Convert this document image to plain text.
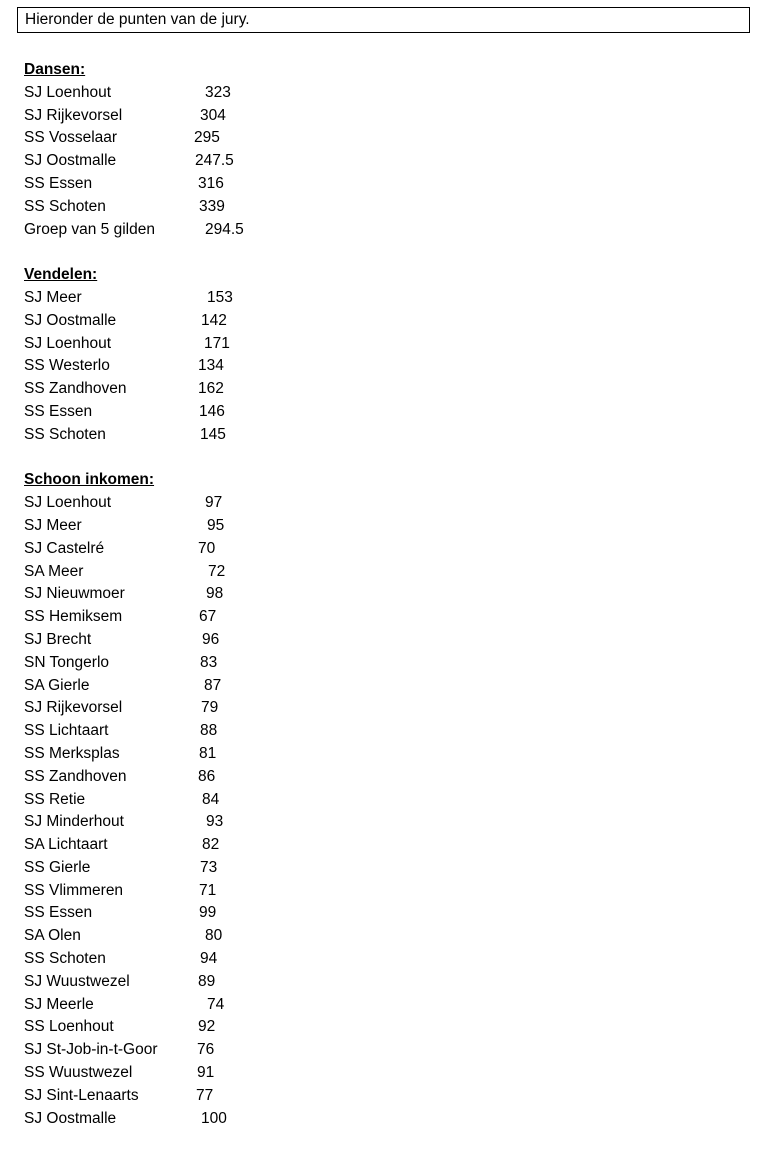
Hieronder de punten van de jury.
Dansen:
SJ Loenhout	323
SJ Rijkevorsel	304
SS Vosselaar	295
SJ Oostmalle	247.5
SS Essen	316
SS Schoten	339
Groep van 5 gilden	294.5
Vendelen:
SJ Meer	153
SJ Oostmalle	142
SJ Loenhout	171
SS Westerlo	134
SS Zandhoven	162
SS Essen	146
SS Schoten	145
Schoon inkomen:
SJ Loenhout	97
SJ Meer	95
SJ Castelré	70
SA Meer	72
SJ Nieuwmoer	98
SS Hemiksem	67
SJ Brecht	96
SN Tongerlo	83
SA Gierle	87
SJ Rijkevorsel	79
SS Lichtaart	88
SS Merksplas	81
SS Zandhoven	86
SS Retie	84
SJ Minderhout	93
SA Lichtaart	82
SS Gierle	73
SS Vlimmeren	71
SS Essen	99
SA Olen	80
SS Schoten	94
SJ Wuustwezel	89
SJ Meerle	74
SS Loenhout	92
SJ St-Job-in-t-Goor	76
SS Wuustwezel	91
SJ Sint-Lenaarts	77
SJ Oostmalle	100
